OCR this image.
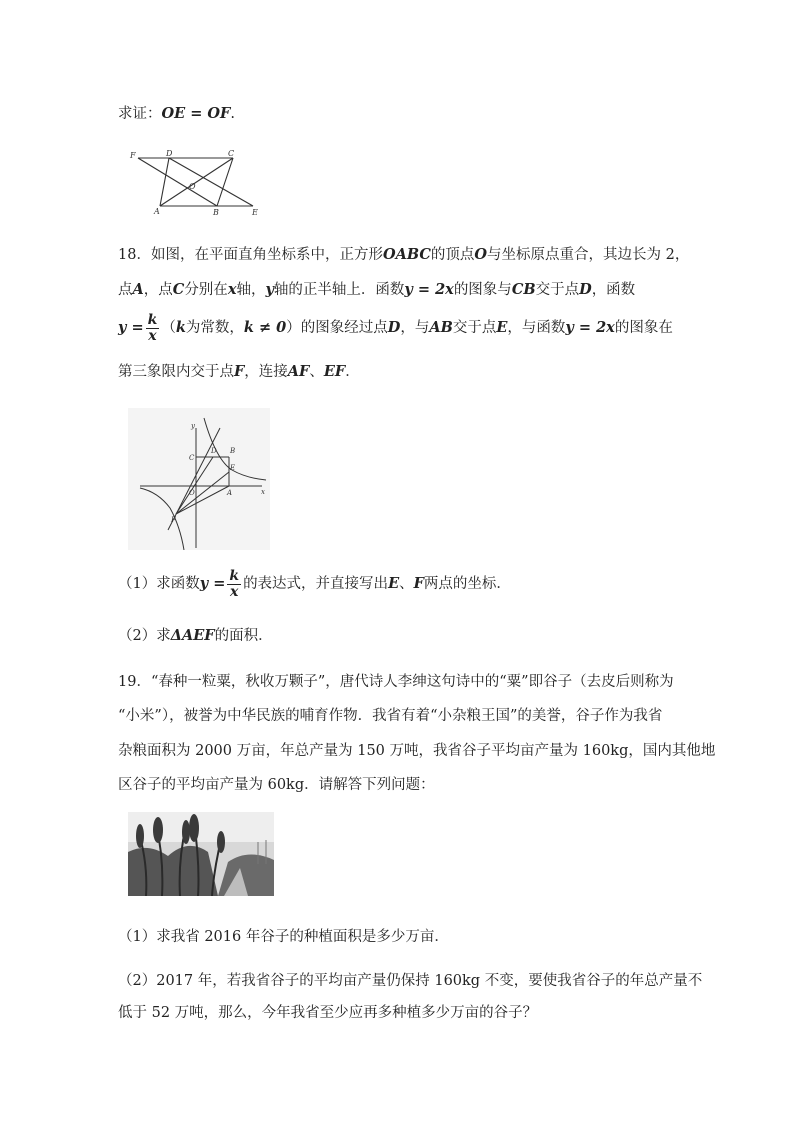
求证：OE = OF.
F	D	C
O
A	B	E
18．如图，在平面直角坐标系中，正方形OABC的顶点O与坐标原点重合，其边长为 2，
点A，点C分别在x轴，y轴的正半轴上．函数y = 2x的图象与CB交于点D，函数
$y = \frac{k}{x} (k$为常数，k ≠ 0）的图象经过点D，与AB交于点E，与函数y = 2x的图象在
第三象限内交于点F，连接AF、EF．
y
x
C
D B
E
O	A
F
（1）求函数$y = \frac{k}{x}$ 的表达式，并直接写出E、F两点的坐标．
（2）求ΔAEF的面积．
19．“春种一粒粟，秋收万颗子”，唐代诗人李绅这句诗中的“粟”即谷子（去皮后则称为
“小米”），被誉为中华民族的哺育作物．我省有着“小杂粮王国”的美誉，谷子作为我省
杂粮面积为 2000 万亩，年总产量为 150 万吨，我省谷子平均亩产量为 160kg，国内其他地
区谷子的平均亩产量为 60kg．请解答下列问题：
（1）求我省 2016 年谷子的种植面积是多少万亩．
（2）2017 年，若我省谷子的平均亩产量仍保持 160kg 不变，要使我省谷子的年总产量不
低于 52 万吨，那么，今年我省至少应再多种植多少万亩的谷子？
